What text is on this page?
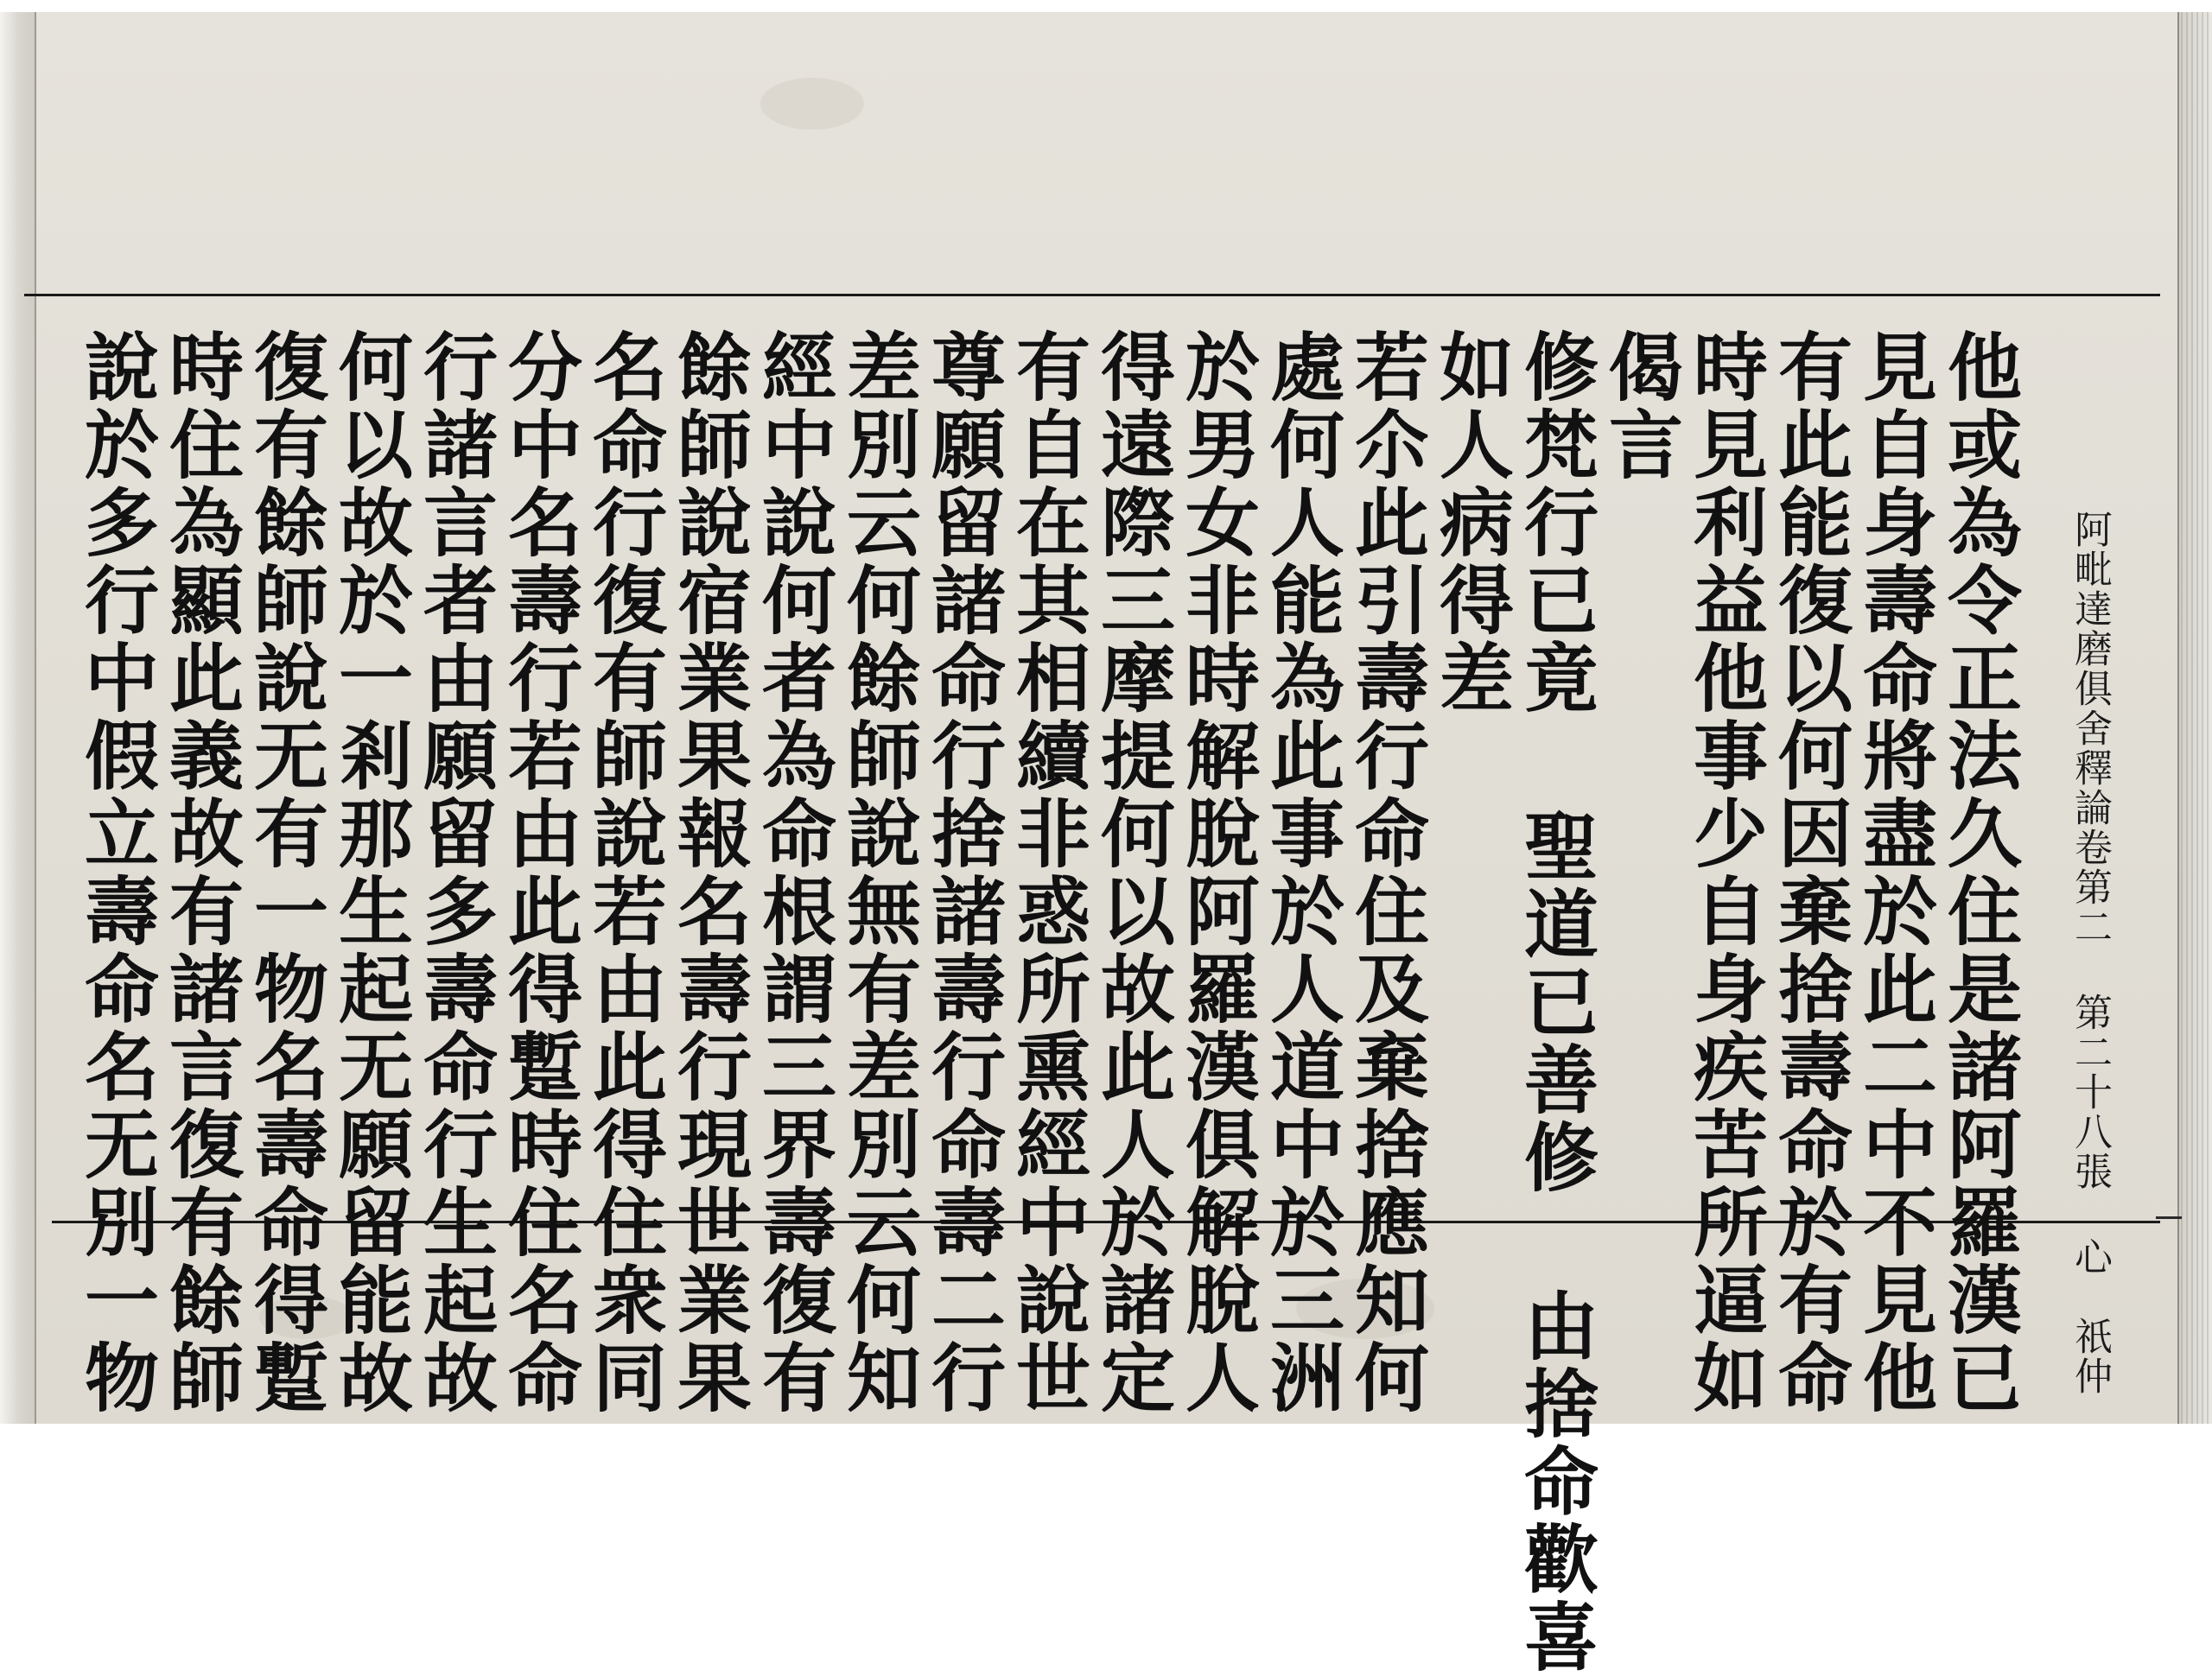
阿毗達磨俱舍釋論卷第二 第二十八張 心　祇仲
他或為令正法久住是諸阿羅漢已
見自身壽命將盡於此二中不見他
有此能復以何因棄捨壽命於有命
時見利益他事少自身疾苦所逼如
偈言
修梵行已竟 聖道已善修 由捨命歡喜
如人病得差
若尒此引壽行命住及棄捨應知何
處何人能為此事於人道中於三洲
於男女非時解脫阿羅漢俱解脫人
得遠際三摩提何以故此人於諸定
有自在其相續非惑所熏經中說世
尊願留諸命行捨諸壽行命壽二行
差別云何餘師說無有差別云何知
經中說何者為命根謂三界壽復有
餘師說宿業果報名壽行現世業果
名命行復有師說若由此得住衆同
分中名壽行若由此得蹔時住名命
行諸言者由願留多壽命行生起故
何以故於一剎那生起无願留能故
復有餘師說无有一物名壽命得蹔
時住為顯此義故有諸言復有餘師
說於多行中假立壽命名无別一物
